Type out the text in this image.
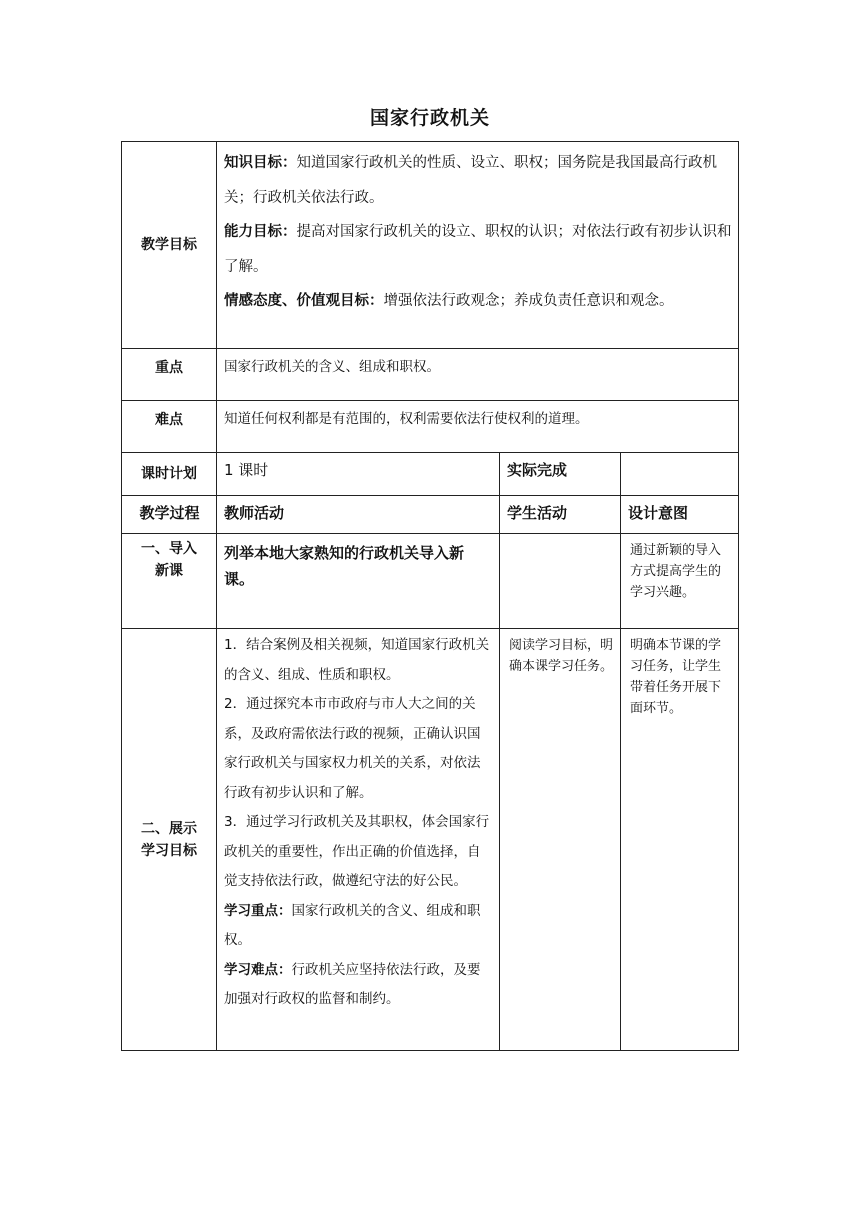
国家行政机关
教学目标	知识目标：知道国家行政机关的性质、设立、职权；国务院是我国最高行政机关；行政机关依法行政。
能力目标：提高对国家行政机关的设立、职权的认识；对依法行政有初步认识和了解。
情感态度、价值观目标：增强依法行政观念；养成负责任意识和观念。		
重点	国家行政机关的含义、组成和职权。		
难点	知道任何权利都是有范围的，权利需要依法行使权利的道理。		
课时计划	1 课时	实际完成	
教学过程	教师活动	学生活动	设计意图
一、导入新课	列举本地大家熟知的行政机关导入新课。		通过新颖的导入方式提高学生的学习兴趣。
二、展示学习目标	1．结合案例及相关视频，知道国家行政机关的含义、组成、性质和职权。

2．通过探究本市市政府与市人大之间的关系，及政府需依法行政的视频，正确认识国家行政机关与国家权力机关的关系，对依法行政有初步认识和了解。

3．通过学习行政机关及其职权，体会国家行政机关的重要性，作出正确的价值选择，自觉支持依法行政，做遵纪守法的好公民。

学习重点：国家行政机关的含义、组成和职权。

学习难点：行政机关应坚持依法行政，及要加强对行政权的监督和制约。	阅读学习目标，明确本课学习任务。	明确本节课的学习任务，让学生带着任务开展下面环节。
